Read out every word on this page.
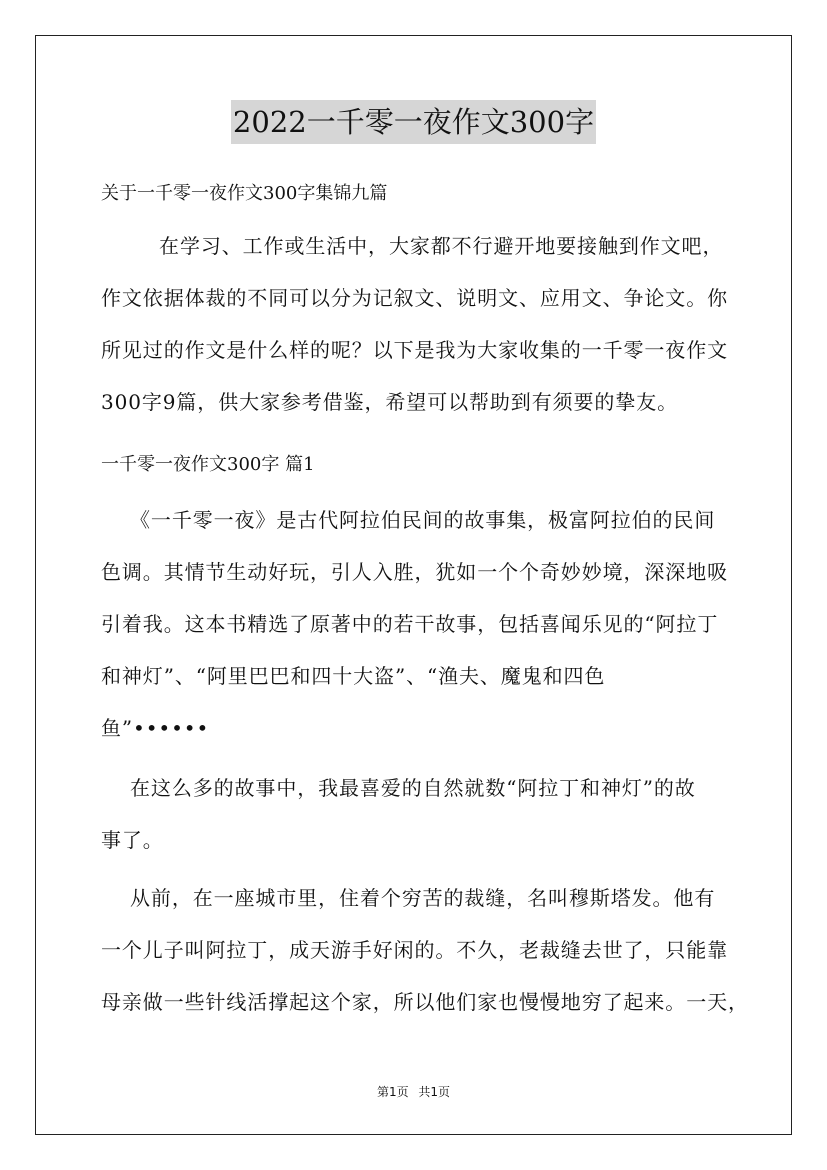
2022一千零一夜作文300字
关于一千零一夜作文300字集锦九篇
在学习、工作或生活中，大家都不行避开地要接触到作文吧，
作文依据体裁的不同可以分为记叙文、说明文、应用文、争论文。你
所见过的作文是什么样的呢？以下是我为大家收集的一千零一夜作文
300字9篇，供大家参考借鉴，希望可以帮助到有须要的挚友。
一千零一夜作文300字 篇1
《一千零一夜》是古代阿拉伯民间的故事集，极富阿拉伯的民间
色调。其情节生动好玩，引人入胜，犹如一个个奇妙妙境，深深地吸
引着我。这本书精选了原著中的若干故事，包括喜闻乐见的“阿拉丁
和神灯”、“阿里巴巴和四十大盗”、“渔夫、魔鬼和四色
鱼”••••••
在这么多的故事中，我最喜爱的自然就数“阿拉丁和神灯”的故
事了。
从前，在一座城市里，住着个穷苦的裁缝，名叫穆斯塔发。他有
一个儿子叫阿拉丁，成天游手好闲的。不久，老裁缝去世了，只能靠
母亲做一些针线活撑起这个家，所以他们家也慢慢地穷了起来。一天，
第1页 共1页
